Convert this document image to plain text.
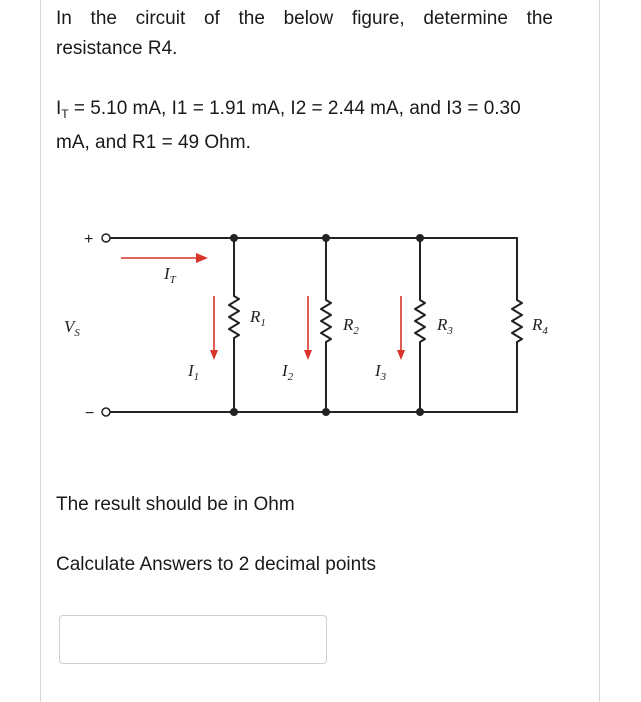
In the circuit of the below figure, determine the
resistance R4.
$I_T = 5.10$ mA, I1 = 1.91 mA, I2 = 2.44 mA, and I3 = 0.30
mA, and R1 = 49 Ohm.
+
−
$V_S$
$I_T$
$I_1$	$I_2$	$I_3$
$R_1$	$R_2$	$R_3$	$R_4$
The result should be in Ohm
Calculate Answers to 2 decimal points
